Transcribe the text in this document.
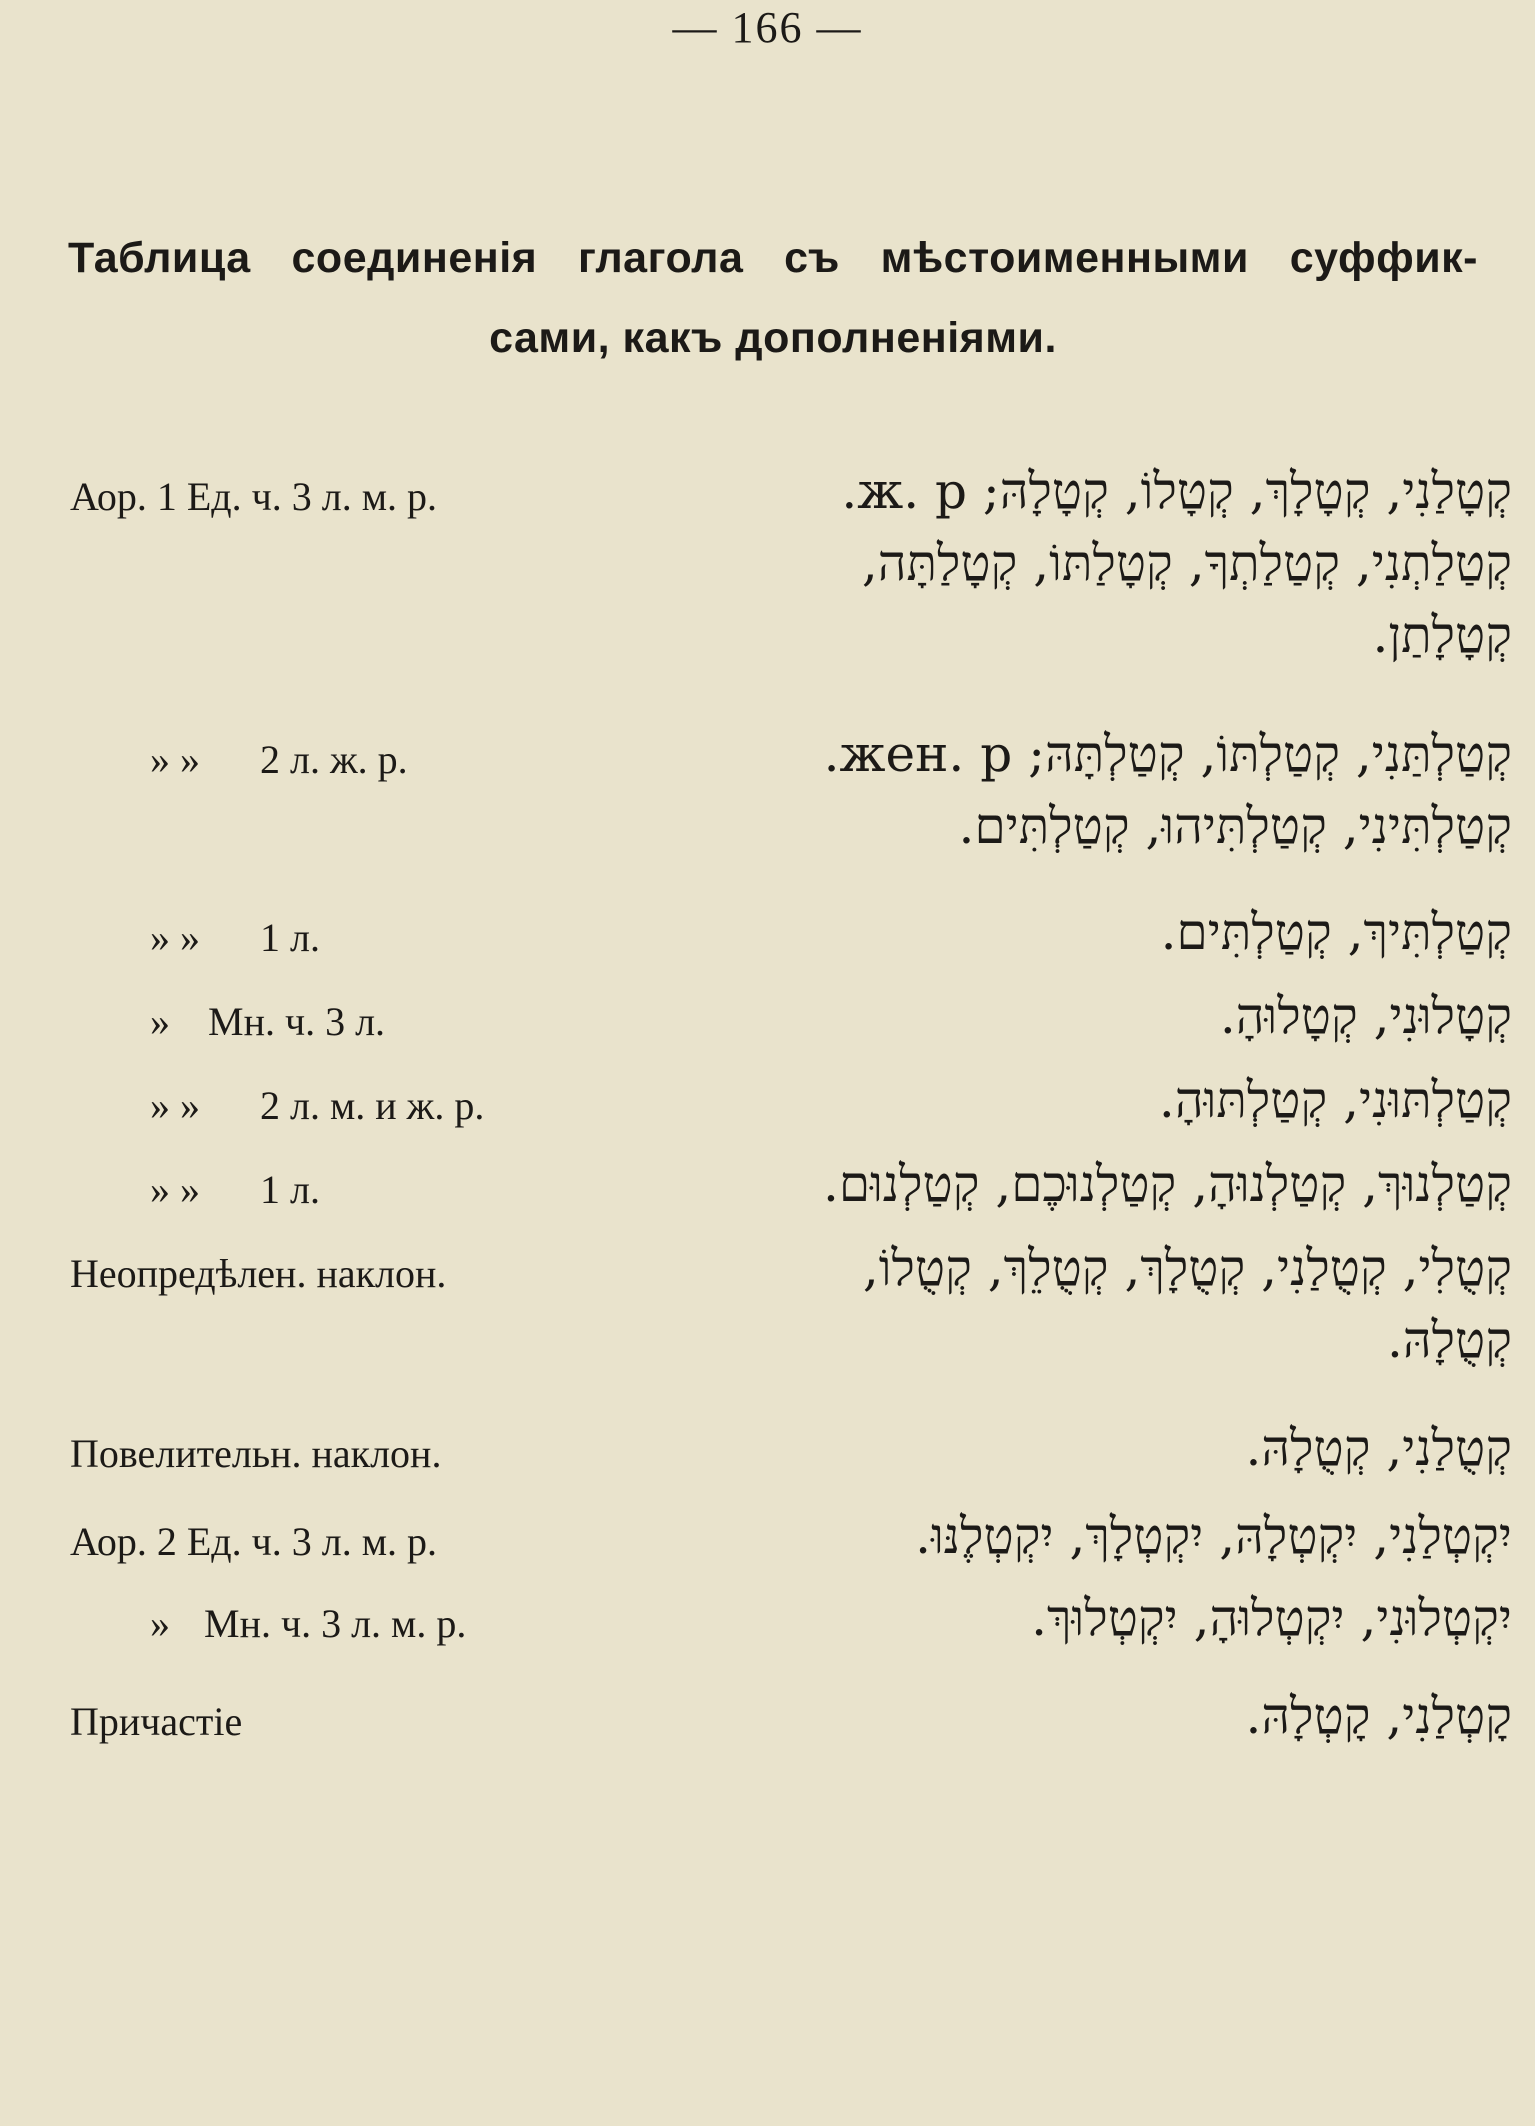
— 166 —
Таблица соединенія глагола съ мѣстоименными суффик-
сами, какъ дополненіями.
Аор. 1 Ед. ч. 3 л. м. р.	קְטָלַנִי, קְטָלָךְ, קְטָלוֹ, קְטָלָהּ; ж. р.
קְטַלַתְנִי, קְטַלַתְךָ, קְטָלַתּוֹ, קְטָלַתָּה,
קְטָלָתַן.
» » 2 л. ж. р.	קְטַלְתַּנִי, קְטַלְתּוֹ, קְטַלְתָּהּ; жен. р.
קְטַלְתִּינִי, קְטַלְתִּיהוּ, קְטַלְתִּים.
» » 1 л.	קְטַלְתִּיךְ, קְטַלְתִּים.
» Мн. ч. 3 л.	קְטָלוּנִי, קְטָלוּהָ.
» » 2 л. м. и ж. р.	קְטַלְתּוּנִי, קְטַלְתּוּהָ.
» » 1 л.	קְטַלְנוּךְ, קְטַלְנוּהָ, קְטַלְנוּכֶם, קְטַלְנוּם.
Неопредѣлен. наклон.	קְטֻלִי, קְטֻלַנִי, קְטֻלָךְ, קְטֻלֵךְ, קְטֻלוֹ,
קְטֻלָהּ.
Повелительн. наклон.	קְטֻלַנִי, קְטֻלָהּ.
Аор. 2 Ед. ч. 3 л. м. р.	יִקְטְלַנִי, יִקְטְלָהּ, יִקְטְלָךְ, יִקְטְלֶנּוּ.
» Мн. ч. 3 л. м. р.	יִקְטְלוּנִי, יִקְטְלוּהָ, יִקְטְלוּךְ.
Причастіе	קָטְלַנִי, קָטְלָהּ.
